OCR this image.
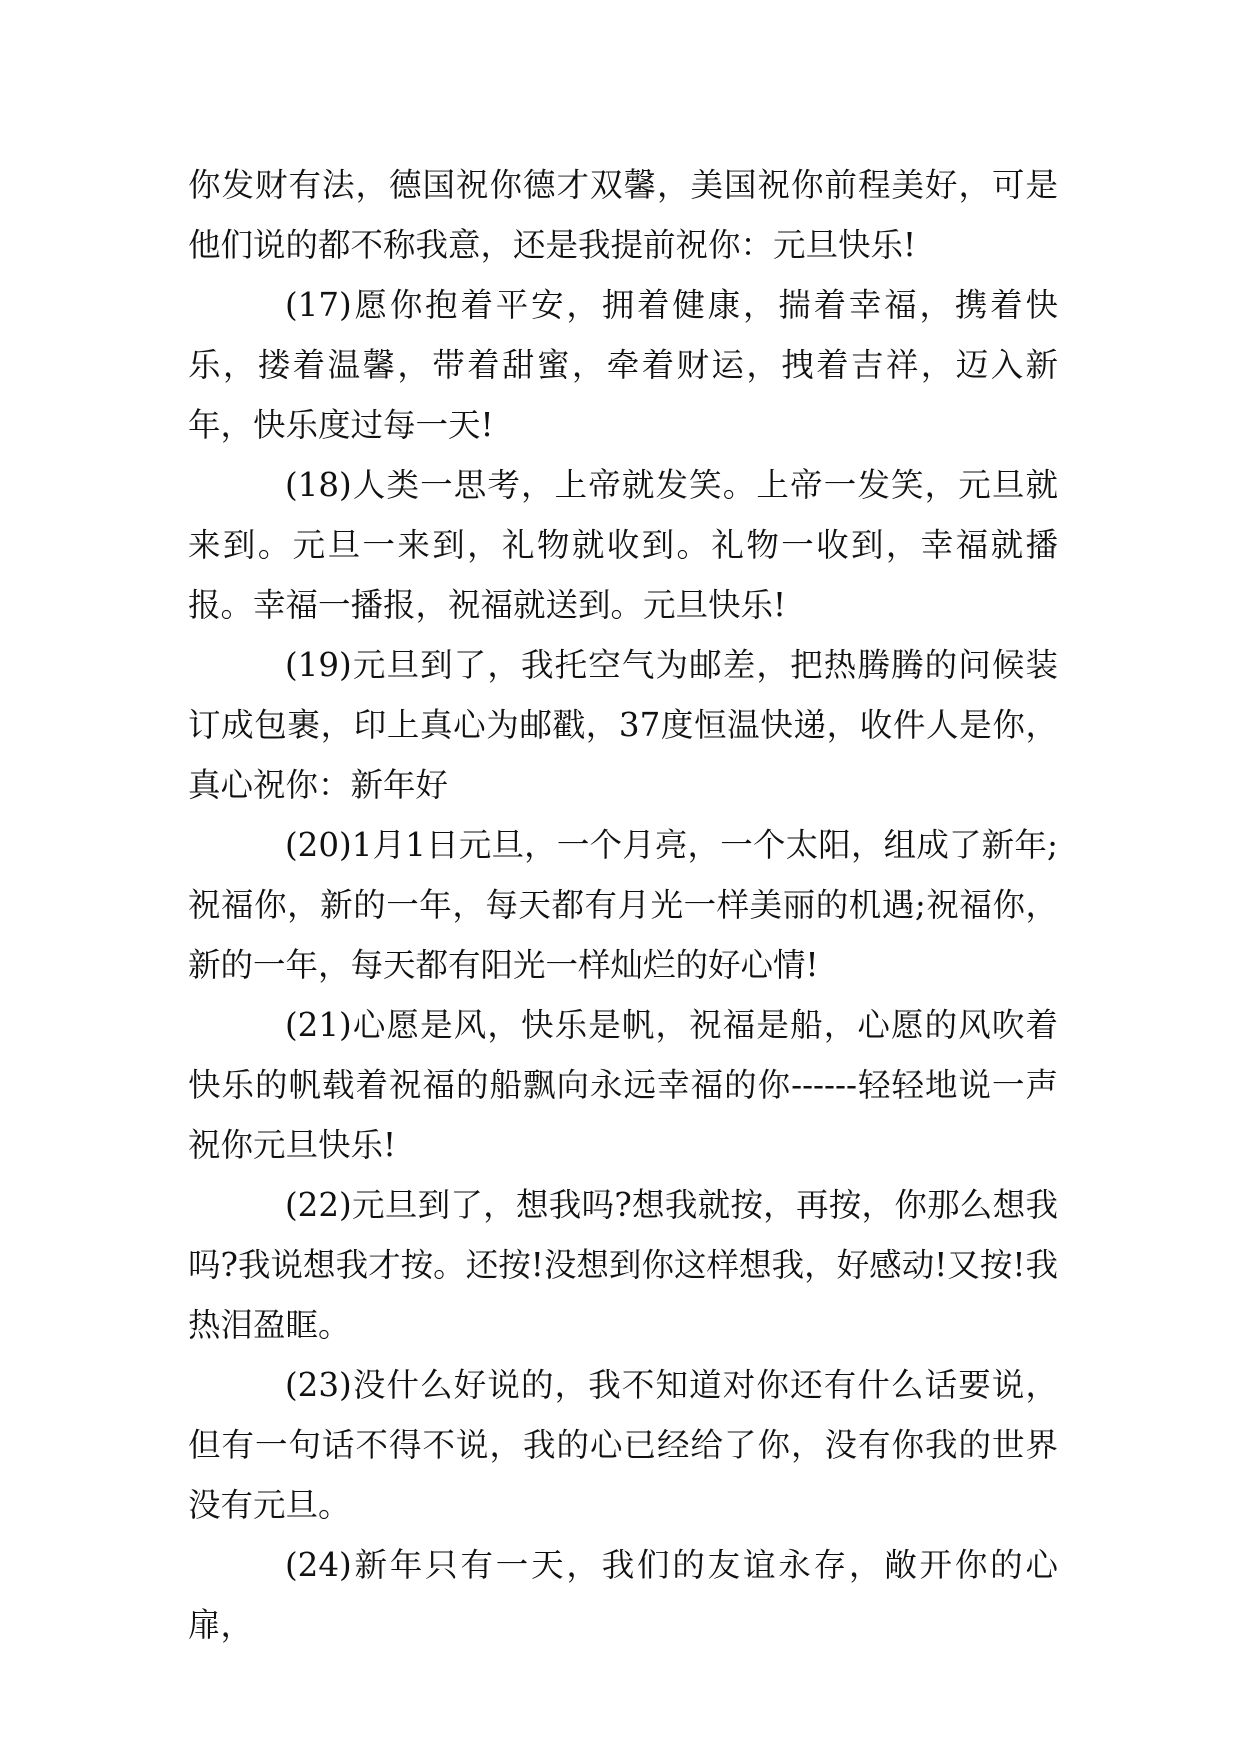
你发财有法，德国祝你德才双馨，美国祝你前程美好，可是他们说的都不称我意，还是我提前祝你：元旦快乐!

(17)愿你抱着平安，拥着健康，揣着幸福，携着快乐，搂着温馨，带着甜蜜，牵着财运，拽着吉祥，迈入新年，快乐度过每一天!

(18)人类一思考，上帝就发笑。上帝一发笑，元旦就来到。元旦一来到，礼物就收到。礼物一收到，幸福就播报。幸福一播报，祝福就送到。元旦快乐!

(19)元旦到了，我托空气为邮差，把热腾腾的问候装订成包裹，印上真心为邮戳，37度恒温快递，收件人是你，真心祝你：新年好

(20)1月1日元旦，一个月亮，一个太阳，组成了新年;祝福你，新的一年，每天都有月光一样美丽的机遇;祝福你，新的一年，每天都有阳光一样灿烂的好心情!

(21)心愿是风，快乐是帆，祝福是船，心愿的风吹着快乐的帆载着祝福的船飘向永远幸福的你------轻轻地说一声祝你元旦快乐!

(22)元旦到了，想我吗?想我就按，再按，你那么想我吗?我说想我才按。还按!没想到你这样想我，好感动!又按!我热泪盈眶。

(23)没什么好说的，我不知道对你还有什么话要说，但有一句话不得不说，我的心已经给了你，没有你我的世界没有元旦。

(24)新年只有一天，我们的友谊永存，敞开你的心扉，
